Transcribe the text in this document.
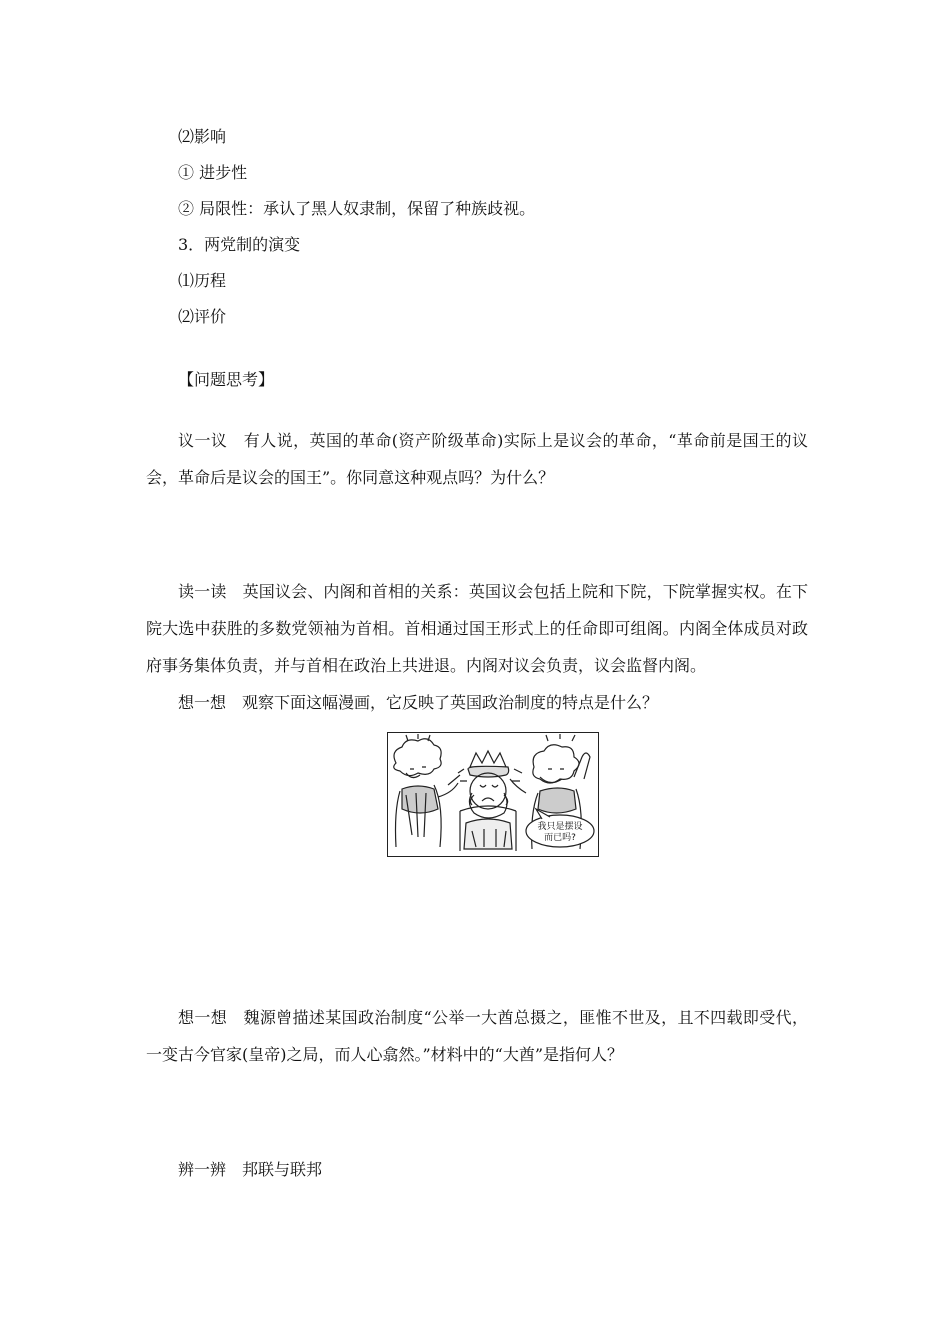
⑵影响
① 进步性
② 局限性：承认了黑人奴隶制，保留了种族歧视。
3．两党制的演变
⑴历程
⑵评价
【问题思考】
议一议　有人说，英国的革命(资产阶级革命)实际上是议会的革命，“革命前是国王的议会，革命后是议会的国王”。你同意这种观点吗？为什么？
读一读　英国议会、内阁和首相的关系：英国议会包括上院和下院，下院掌握实权。在下院大选中获胜的多数党领袖为首相。首相通过国王形式上的任命即可组阁。内阁全体成员对政府事务集体负责，并与首相在政治上共进退。内阁对议会负责，议会监督内阁。
想一想　观察下面这幅漫画，它反映了英国政治制度的特点是什么？
我只是摆设
而已吗?
想一想　魏源曾描述某国政治制度“公举一大酋总摄之，匪惟不世及，且不四载即受代，一变古今官家(皇帝)之局，而人心翕然。”材料中的“大酋”是指何人？
辨一辨　邦联与联邦
